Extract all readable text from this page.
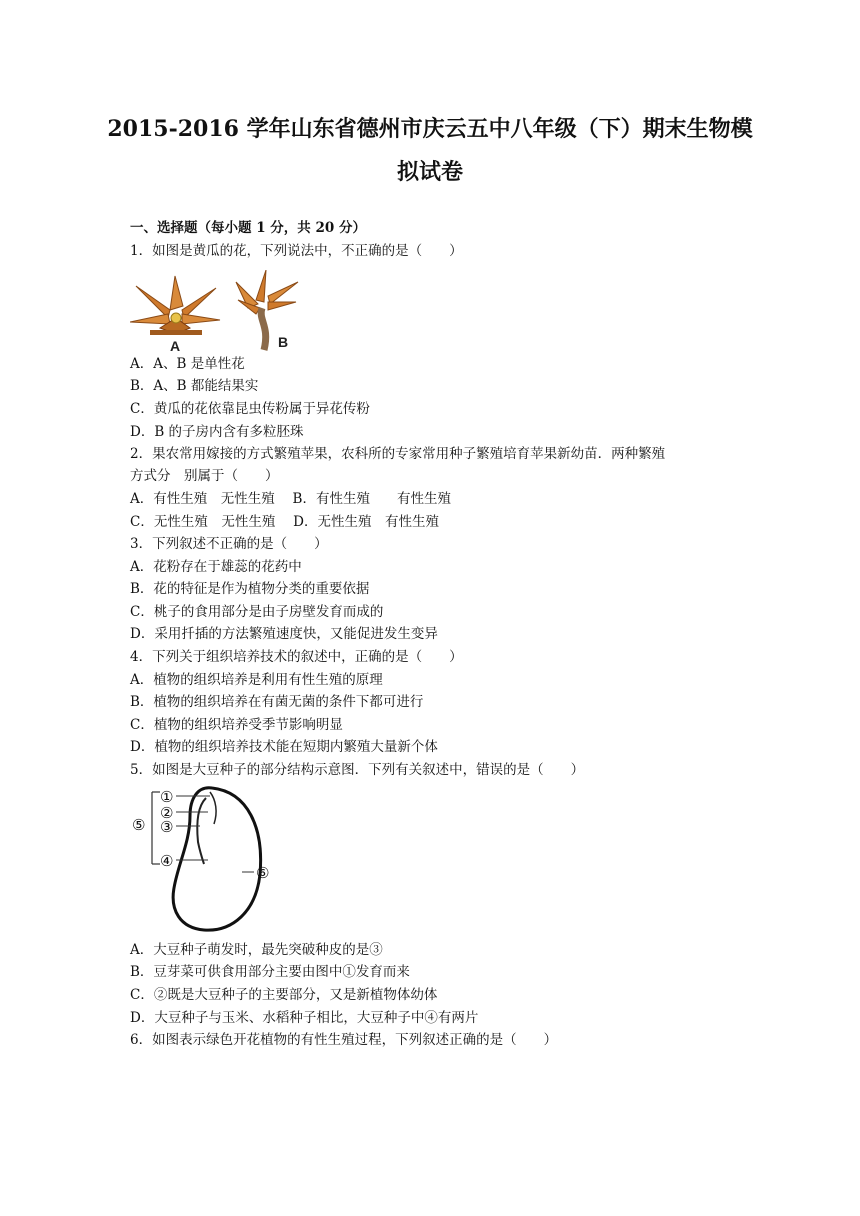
2015-2016 学年山东省德州市庆云五中八年级（下）期末生物模
拟试卷
一、选择题（每小题 1 分，共 20 分）
1．如图是黄瓜的花，下列说法中，不正确的是（　　）
A	B
A．A、B 是单性花
B．A、B 都能结果实
C．黄瓜的花依靠昆虫传粉属于异花传粉
D．B 的子房内含有多粒胚珠
2．果农常用嫁接的方式繁殖苹果，农科所的专家常用种子繁殖培育苹果新幼苗．两种繁殖
方式分　别属于（　　）
A．有性生殖　无性生殖　 B．有性生殖　　有性生殖
C．无性生殖　无性生殖　 D．无性生殖　有性生殖
3．下列叙述不正确的是（　　）
A．花粉存在于雄蕊的花药中
B．花的特征是作为植物分类的重要依据
C．桃子的食用部分是由子房壁发育而成的
D．采用扦插的方法繁殖速度快，又能促进发生变异
4．下列关于组织培养技术的叙述中，正确的是（　　）
A．植物的组织培养是利用有性生殖的原理
B．植物的组织培养在有菌无菌的条件下都可进行
C．植物的组织培养受季节影响明显
D．植物的组织培养技术能在短期内繁殖大量新个体
5．如图是大豆种子的部分结构示意图．下列有关叙述中，错误的是（　　）
①
②
③
④
⑤
⑥
A．大豆种子萌发时，最先突破种皮的是③
B．豆芽菜可供食用部分主要由图中①发育而来
C．②既是大豆种子的主要部分，又是新植物体幼体
D．大豆种子与玉米、水稻种子相比，大豆种子中④有两片
6．如图表示绿色开花植物的有性生殖过程，下列叙述正确的是（　　）
